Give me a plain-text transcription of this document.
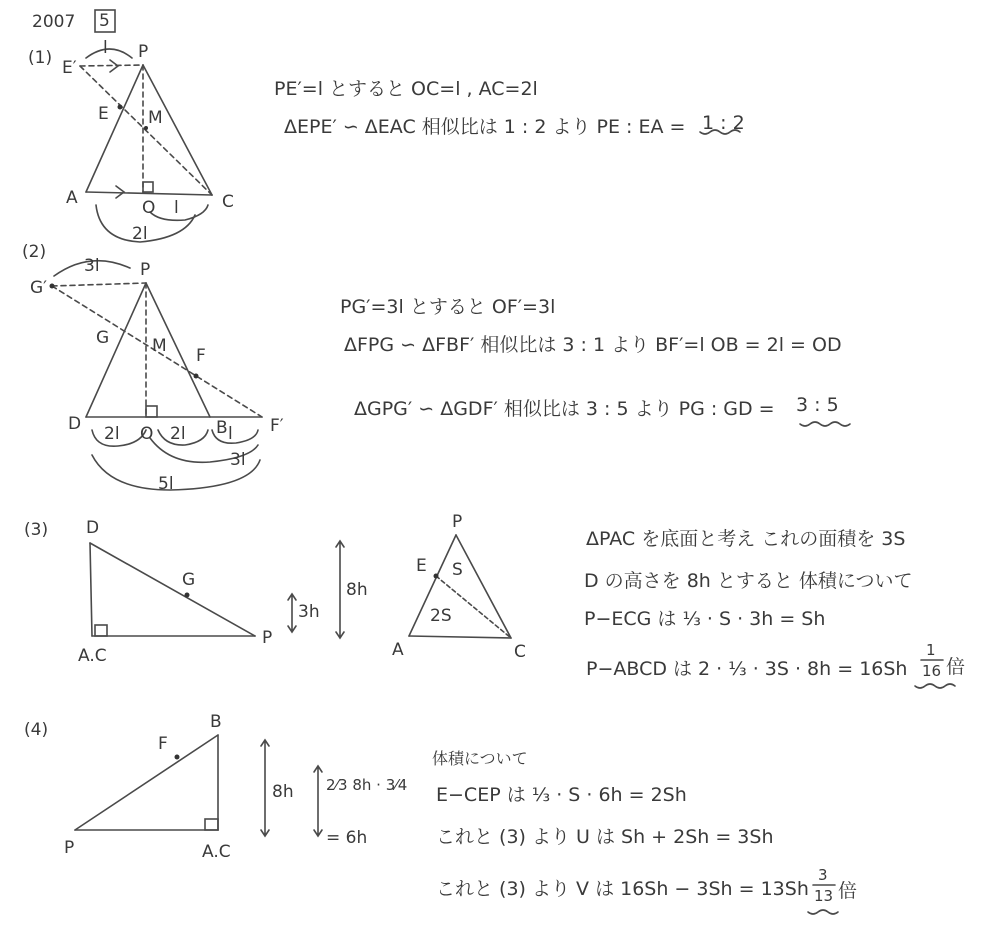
2007 5
(1) E′
P
E M
A	O	C
l
l
2l
PE′=l とすると OC=l , AC=2l
ΔEPE′ ∽ ΔEAC 相似比は 1 : 2 より PE : EA = 1 : 2
(2)
G′
P
G	M F
D	O	B F′
3l
2l	2l l
3l
5l
PG′=3l とすると OF′=3l
ΔFPG ∽ ΔFBF′ 相似比は 3 : 1 より BF′=l OB = 2l = OD
ΔGPG′ ∽ ΔGDF′ 相似比は 3 : 5 より PG : GD = 3 : 5
(3) D
G
A.C
P
3h
8h
P
E S
2S
A	C
ΔPAC を底面と考え これの面積を 3S
D の高さを 8h とすると 体積について
P−ECG は ⅓ · S · 3h = Sh
P−ABCD は 2 · ⅓ · 3S · 8h = 16Sh
1
16 倍
(4)	B
F
P	A.C
8h 2⁄3 8h · 3⁄4
= 6h
体積について
E−CEP は ⅓ · S · 6h = 2Sh
これと (3) より U は Sh + 2Sh = 3Sh
これと (3) より V は 16Sh − 3Sh = 13Sh
3
13 倍
